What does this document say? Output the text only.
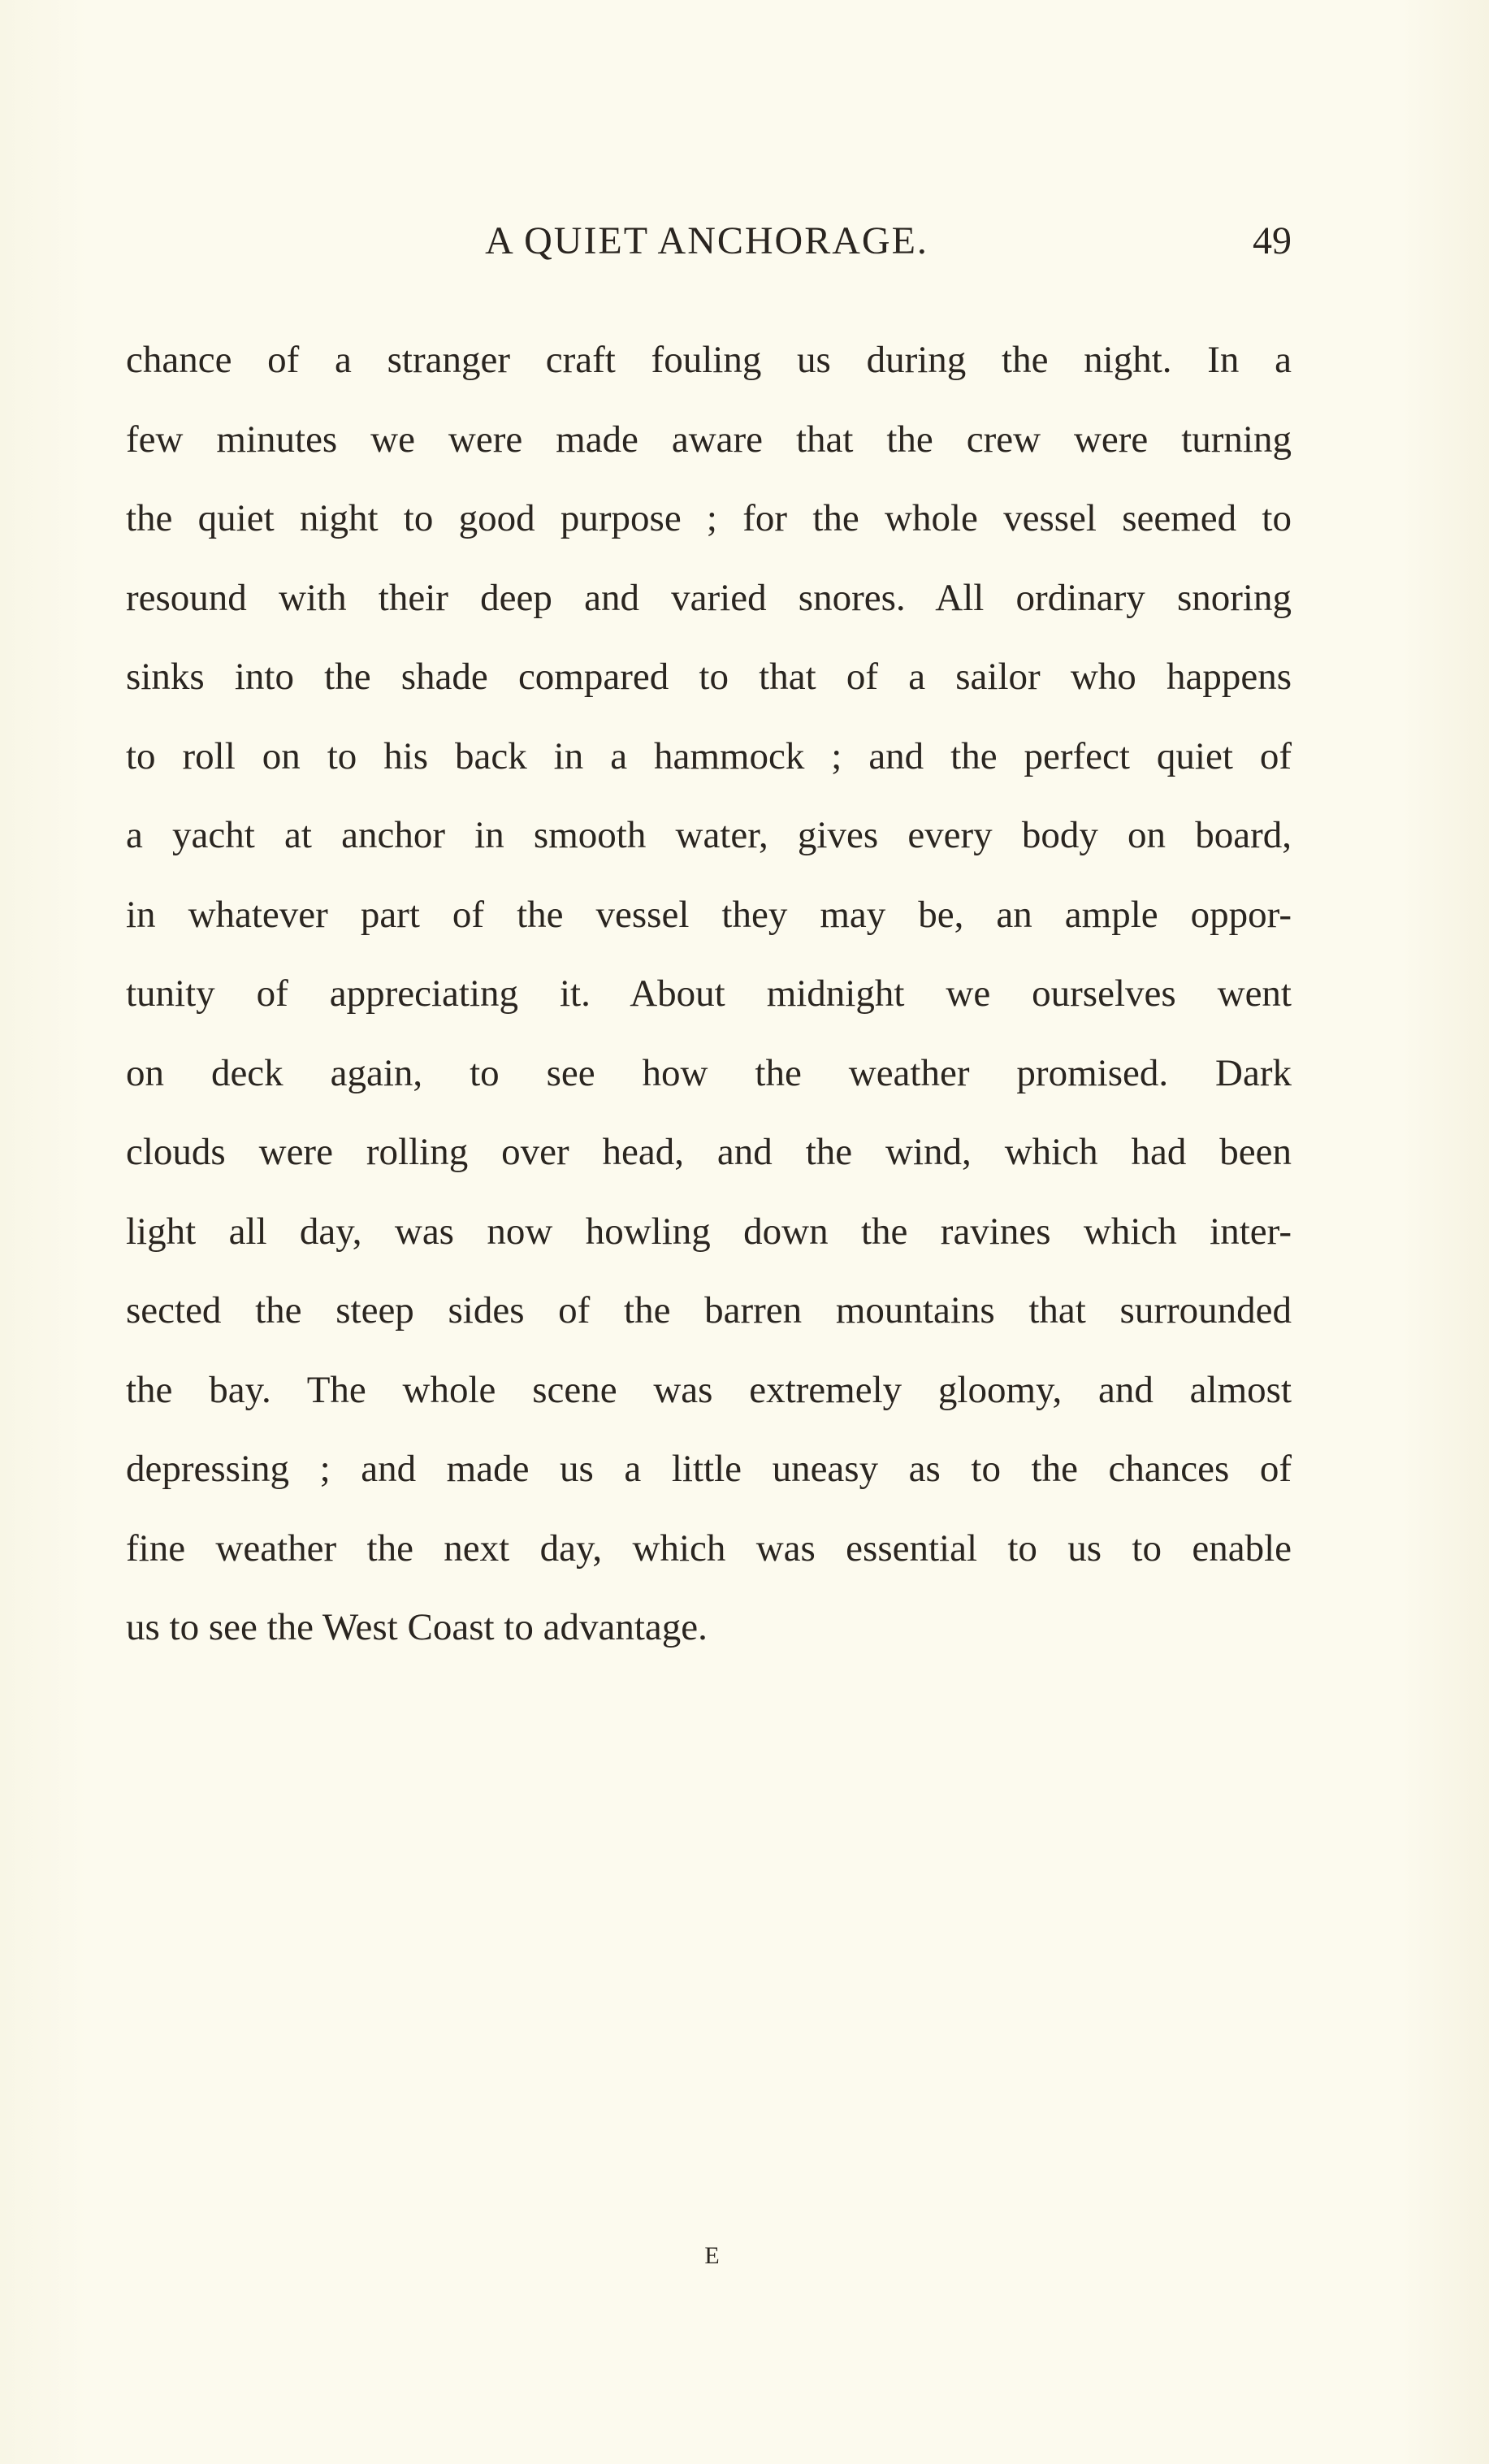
A QUIET ANCHORAGE.	49
chance of a stranger craft fouling us during the night. In a
few minutes we were made aware that the crew were turning
the quiet night to good purpose ; for the whole vessel seemed to
resound with their deep and varied snores. All ordinary snoring
sinks into the shade compared to that of a sailor who happens
to roll on to his back in a hammock ; and the perfect quiet of
a yacht at anchor in smooth water, gives every body on board,
in whatever part of the vessel they may be, an ample oppor-
tunity of appreciating it. About midnight we ourselves went
on deck again, to see how the weather promised. Dark
clouds were rolling over head, and the wind, which had been
light all day, was now howling down the ravines which inter-
sected the steep sides of the barren mountains that surrounded
the bay. The whole scene was extremely gloomy, and almost
depressing ; and made us a little uneasy as to the chances of
fine weather the next day, which was essential to us to enable
us to see the West Coast to advantage.
E
